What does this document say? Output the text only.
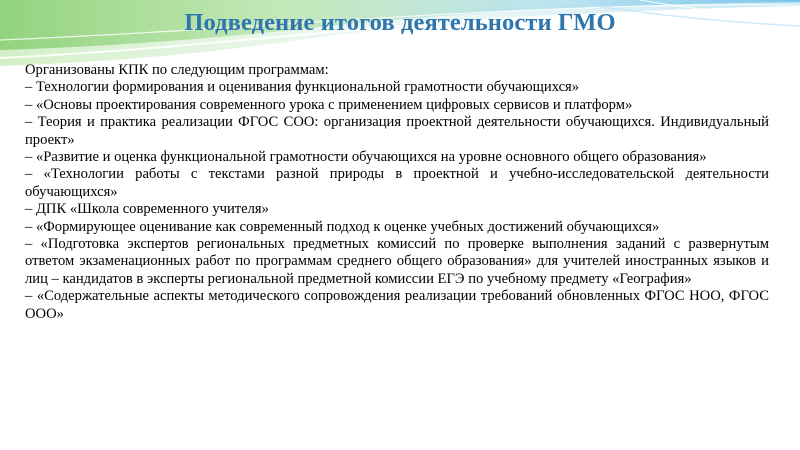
Подведение итогов деятельности ГМО

Организованы КПК по следующим программам:

– Технологии формирования и оценивания функциональной грамотности обучающихся»

– «Основы проектирования современного урока с применением цифровых сервисов и платформ»

– Теория и практика реализации ФГОС СОО: организация проектной деятельности обучающихся. Индивидуальный проект»

– «Развитие и оценка функциональной грамотности обучающихся на уровне основного общего образования»

– «Технологии работы с текстами разной природы в проектной и учебно-исследовательской деятельности обучающихся»

– ДПК «Школа современного учителя»

– «Формирующее оценивание как современный подход к оценке учебных достижений обучающихся»

– «Подготовка экспертов региональных предметных комиссий по проверке выполнения заданий с развернутым ответом экзаменационных работ по программам среднего общего образования» для учителей иностранных языков и лиц – кандидатов в эксперты региональной предметной комиссии ЕГЭ по учебному предмету «География»

– «Содержательные аспекты методического сопровождения реализации требований обновленных ФГОС НОО, ФГОС ООО»
